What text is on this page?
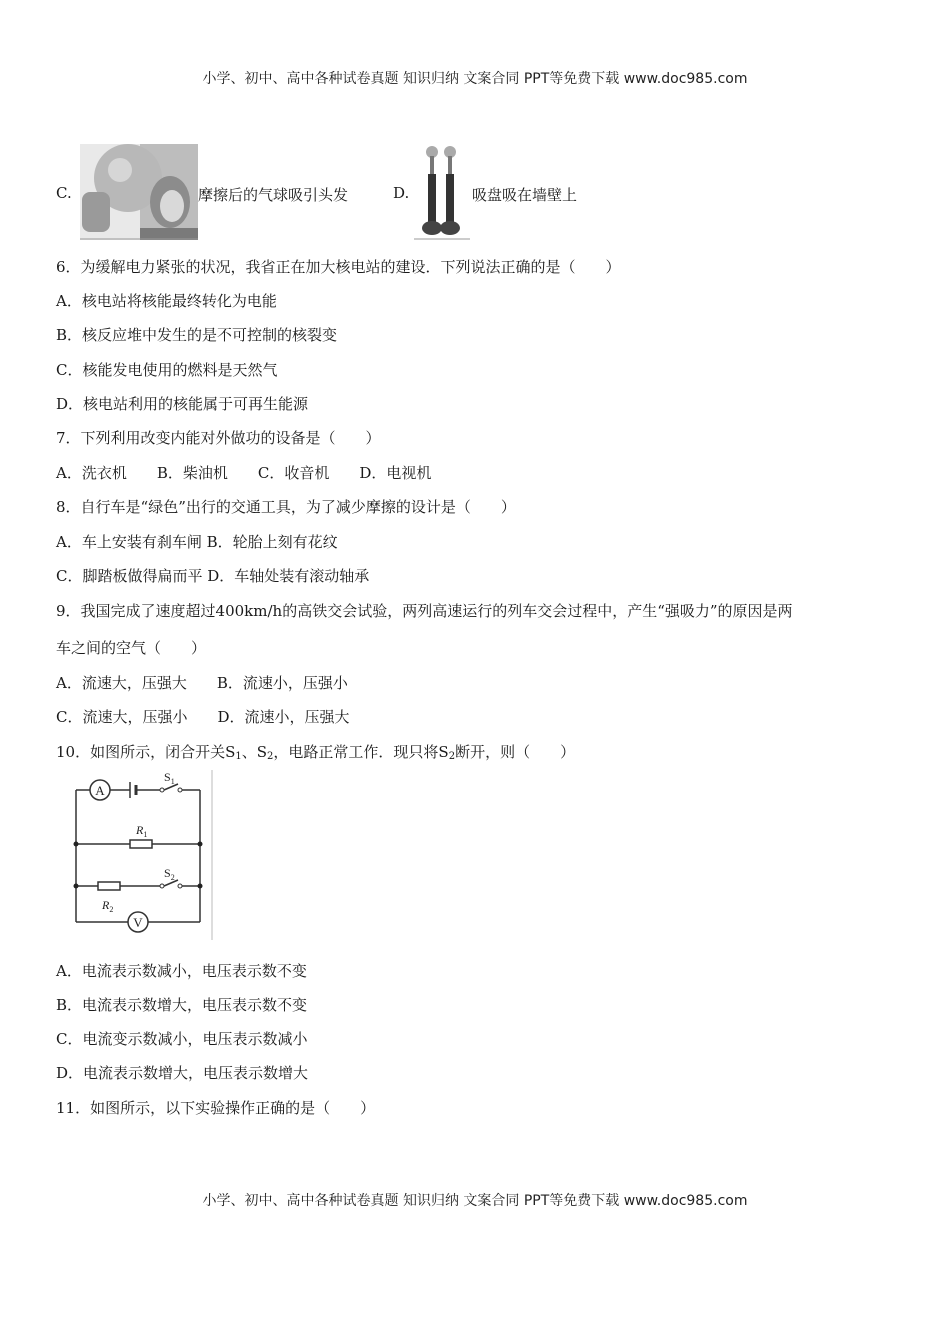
小学、初中、高中各种试卷真题 知识归纳 文案合同 PPT等免费下载 www.doc985.com
C.	摩擦后的气球吸引头发	D.	吸盘吸在墙壁上
6．为缓解电力紧张的状况，我省正在加大核电站的建设．下列说法正确的是（　　）
A．核电站将核能最终转化为电能
B．核反应堆中发生的是不可控制的核裂变
C．核能发电使用的燃料是天然气
D．核电站利用的核能属于可再生能源
7．下列利用改变内能对外做功的设备是（　　）
A．洗衣机　　B．柴油机　　C．收音机　　D．电视机
8．自行车是“绿色”出行的交通工具，为了减少摩擦的设计是（　　）
A．车上安装有刹车闸 B．轮胎上刻有花纹
C．脚踏板做得扁而平 D．车轴处装有滚动轴承
9．我国完成了速度超过400km/h的高铁交会试验，两列高速运行的列车交会过程中，产生“强吸力”的原因是两
车之间的空气（　　）
A．流速大，压强大　　B．流速小，压强小
C．流速大，压强小　　D．流速小，压强大
10．如图所示，闭合开关$S_1$、$S_2$，电路正常工作．现只将$S_2$断开，则（　　）
A
$S_1$
$R_1$
$S_2$
$R_2$
V
A．电流表示数减小，电压表示数不变
B．电流表示数增大，电压表示数不变
C．电流变示数减小，电压表示数减小
D．电流表示数增大，电压表示数增大
11．如图所示，以下实验操作正确的是（　　）
小学、初中、高中各种试卷真题 知识归纳 文案合同 PPT等免费下载 www.doc985.com
